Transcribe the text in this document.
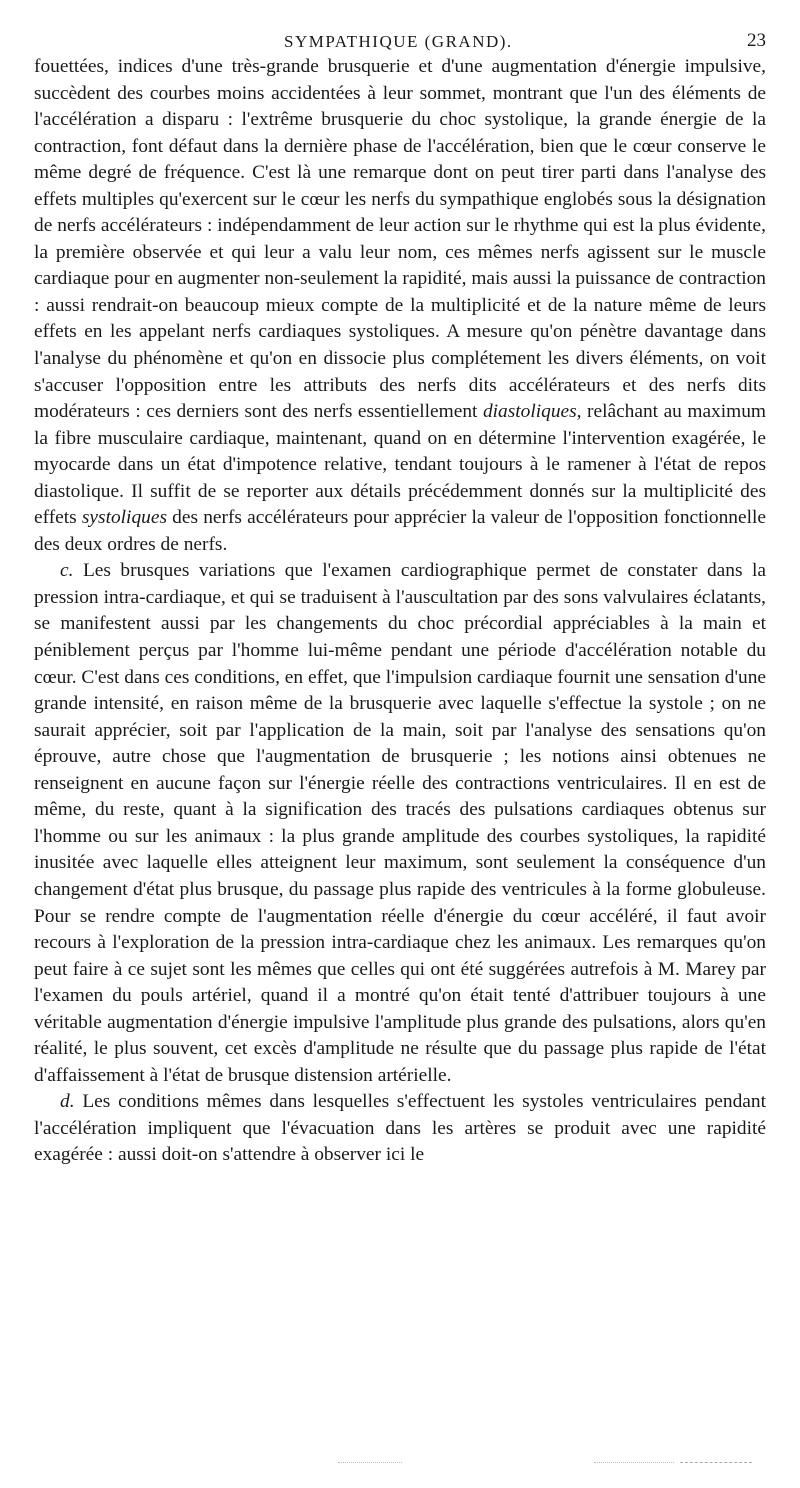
SYMPATHIQUE (GRAND).	23

fouettées, indices d'une très-grande brusquerie et d'une augmentation d'énergie impulsive, succèdent des courbes moins accidentées à leur sommet, montrant que l'un des éléments de l'accélération a disparu : l'extrême brusquerie du choc systolique, la grande énergie de la contraction, font défaut dans la dernière phase de l'accélération, bien que le cœur conserve le même degré de fréquence. C'est là une remarque dont on peut tirer parti dans l'analyse des effets multiples qu'exercent sur le cœur les nerfs du sympathique englobés sous la désignation de nerfs accélérateurs : indépendamment de leur action sur le rhythme qui est la plus évidente, la première observée et qui leur a valu leur nom, ces mêmes nerfs agissent sur le muscle cardiaque pour en augmenter non-seulement la rapidité, mais aussi la puissance de contraction : aussi rendrait-on beaucoup mieux compte de la multiplicité et de la nature même de leurs effets en les appelant nerfs cardiaques systoliques. A mesure qu'on pénètre davantage dans l'analyse du phénomène et qu'on en dissocie plus complétement les divers éléments, on voit s'accuser l'opposition entre les attributs des nerfs dits accélérateurs et des nerfs dits modérateurs : ces derniers sont des nerfs essentiellement diastoliques, relâchant au maximum la fibre musculaire cardiaque, maintenant, quand on en détermine l'intervention exagérée, le myocarde dans un état d'impotence relative, tendant toujours à le ramener à l'état de repos diastolique. Il suffit de se reporter aux détails précédemment donnés sur la multiplicité des effets systoliques des nerfs accélérateurs pour apprécier la valeur de l'opposition fonctionnelle des deux ordres de nerfs.

c. Les brusques variations que l'examen cardiographique permet de constater dans la pression intra-cardiaque, et qui se traduisent à l'auscultation par des sons valvulaires éclatants, se manifestent aussi par les changements du choc précordial appréciables à la main et péniblement perçus par l'homme lui-même pendant une période d'accélération notable du cœur. C'est dans ces conditions, en effet, que l'impulsion cardiaque fournit une sensation d'une grande intensité, en raison même de la brusquerie avec laquelle s'effectue la systole ; on ne saurait apprécier, soit par l'application de la main, soit par l'analyse des sensations qu'on éprouve, autre chose que l'augmentation de brusquerie ; les notions ainsi obtenues ne renseignent en aucune façon sur l'énergie réelle des contractions ventriculaires. Il en est de même, du reste, quant à la signification des tracés des pulsations cardiaques obtenus sur l'homme ou sur les animaux : la plus grande amplitude des courbes systoliques, la rapidité inusitée avec laquelle elles atteignent leur maximum, sont seulement la conséquence d'un changement d'état plus brusque, du passage plus rapide des ventricules à la forme globuleuse. Pour se rendre compte de l'augmentation réelle d'énergie du cœur accéléré, il faut avoir recours à l'exploration de la pression intra-cardiaque chez les animaux. Les remarques qu'on peut faire à ce sujet sont les mêmes que celles qui ont été suggérées autrefois à M. Marey par l'examen du pouls artériel, quand il a montré qu'on était tenté d'attribuer toujours à une véritable augmentation d'énergie impulsive l'amplitude plus grande des pulsations, alors qu'en réalité, le plus souvent, cet excès d'amplitude ne résulte que du passage plus rapide de l'état d'affaissement à l'état de brusque distension artérielle.

d. Les conditions mêmes dans lesquelles s'effectuent les systoles ventriculaires pendant l'accélération impliquent que l'évacuation dans les artères se produit avec une rapidité exagérée : aussi doit-on s'attendre à observer ici le
